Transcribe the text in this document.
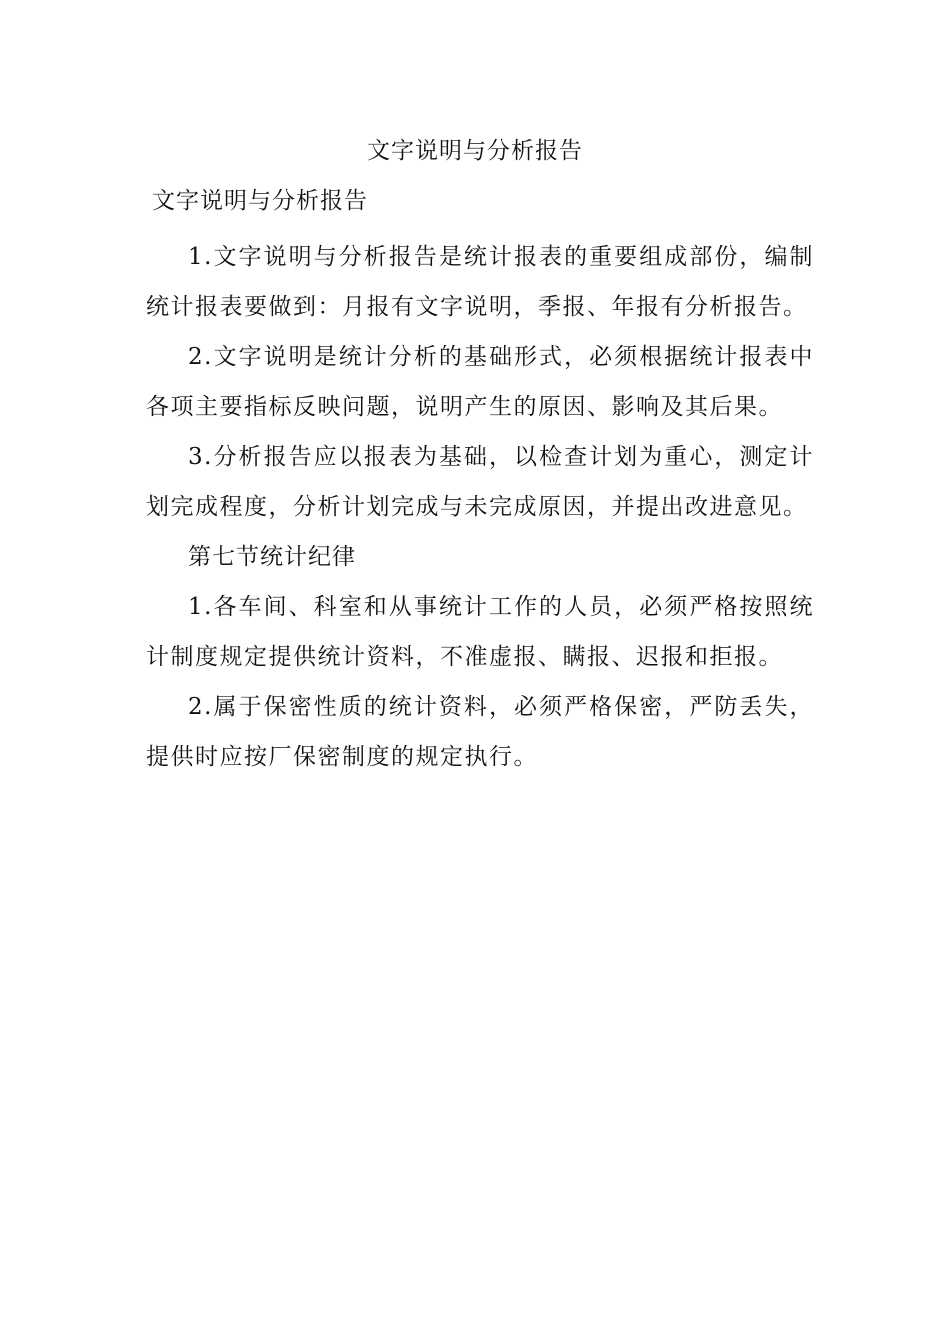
文字说明与分析报告
文字说明与分析报告

1.文字说明与分析报告是统计报表的重要组成部份，编制统计报表要做到：月报有文字说明，季报、年报有分析报告。

2.文字说明是统计分析的基础形式，必须根据统计报表中各项主要指标反映问题，说明产生的原因、影响及其后果。

3.分析报告应以报表为基础，以检查计划为重心，测定计划完成程度，分析计划完成与未完成原因，并提出改进意见。

第七节统计纪律

1.各车间、科室和从事统计工作的人员，必须严格按照统计制度规定提供统计资料，不准虚报、瞒报、迟报和拒报。

2.属于保密性质的统计资料，必须严格保密，严防丢失，提供时应按厂保密制度的规定执行。
